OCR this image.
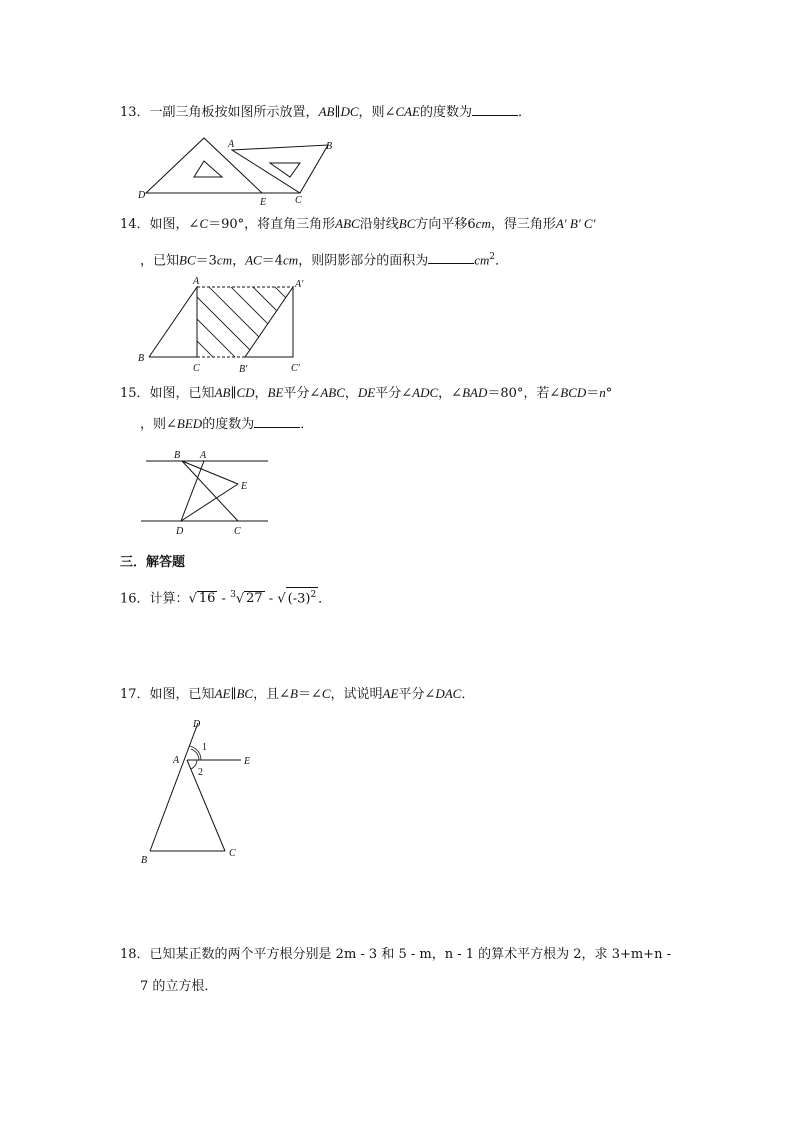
13．一副三角板按如图所示放置，AB∥DC，则∠CAE的度数为	．
D
A	B
C
E
14．如图，∠C＝90°，将直角三角形ABC沿射线BC方向平移6cm，得三角形A′ B′ C′
，已知BC＝3cm，AC＝4cm，则阴影部分的面积为	$cm^2$．
A	A′
B
C	B′	C′
15．如图，已知AB∥CD，BE平分∠ABC，DE平分∠ADC，∠BAD＝80°，若∠BCD＝n°
，则∠BED的度数为	．
B A
E
D	C
三．解答题
16．计算：√ 16 - $^3$√ 27 - √ $(-3)^2$ ．
17．如图，已知AE∥BC，且∠B＝∠C，试说明AE平分∠DAC．
D
A	E
B
C
1
2
18．已知某正数的两个平方根分别是 2m - 3 和 5 - m，n - 1 的算术平方根为 2，求 3+m+n -
7 的立方根．
